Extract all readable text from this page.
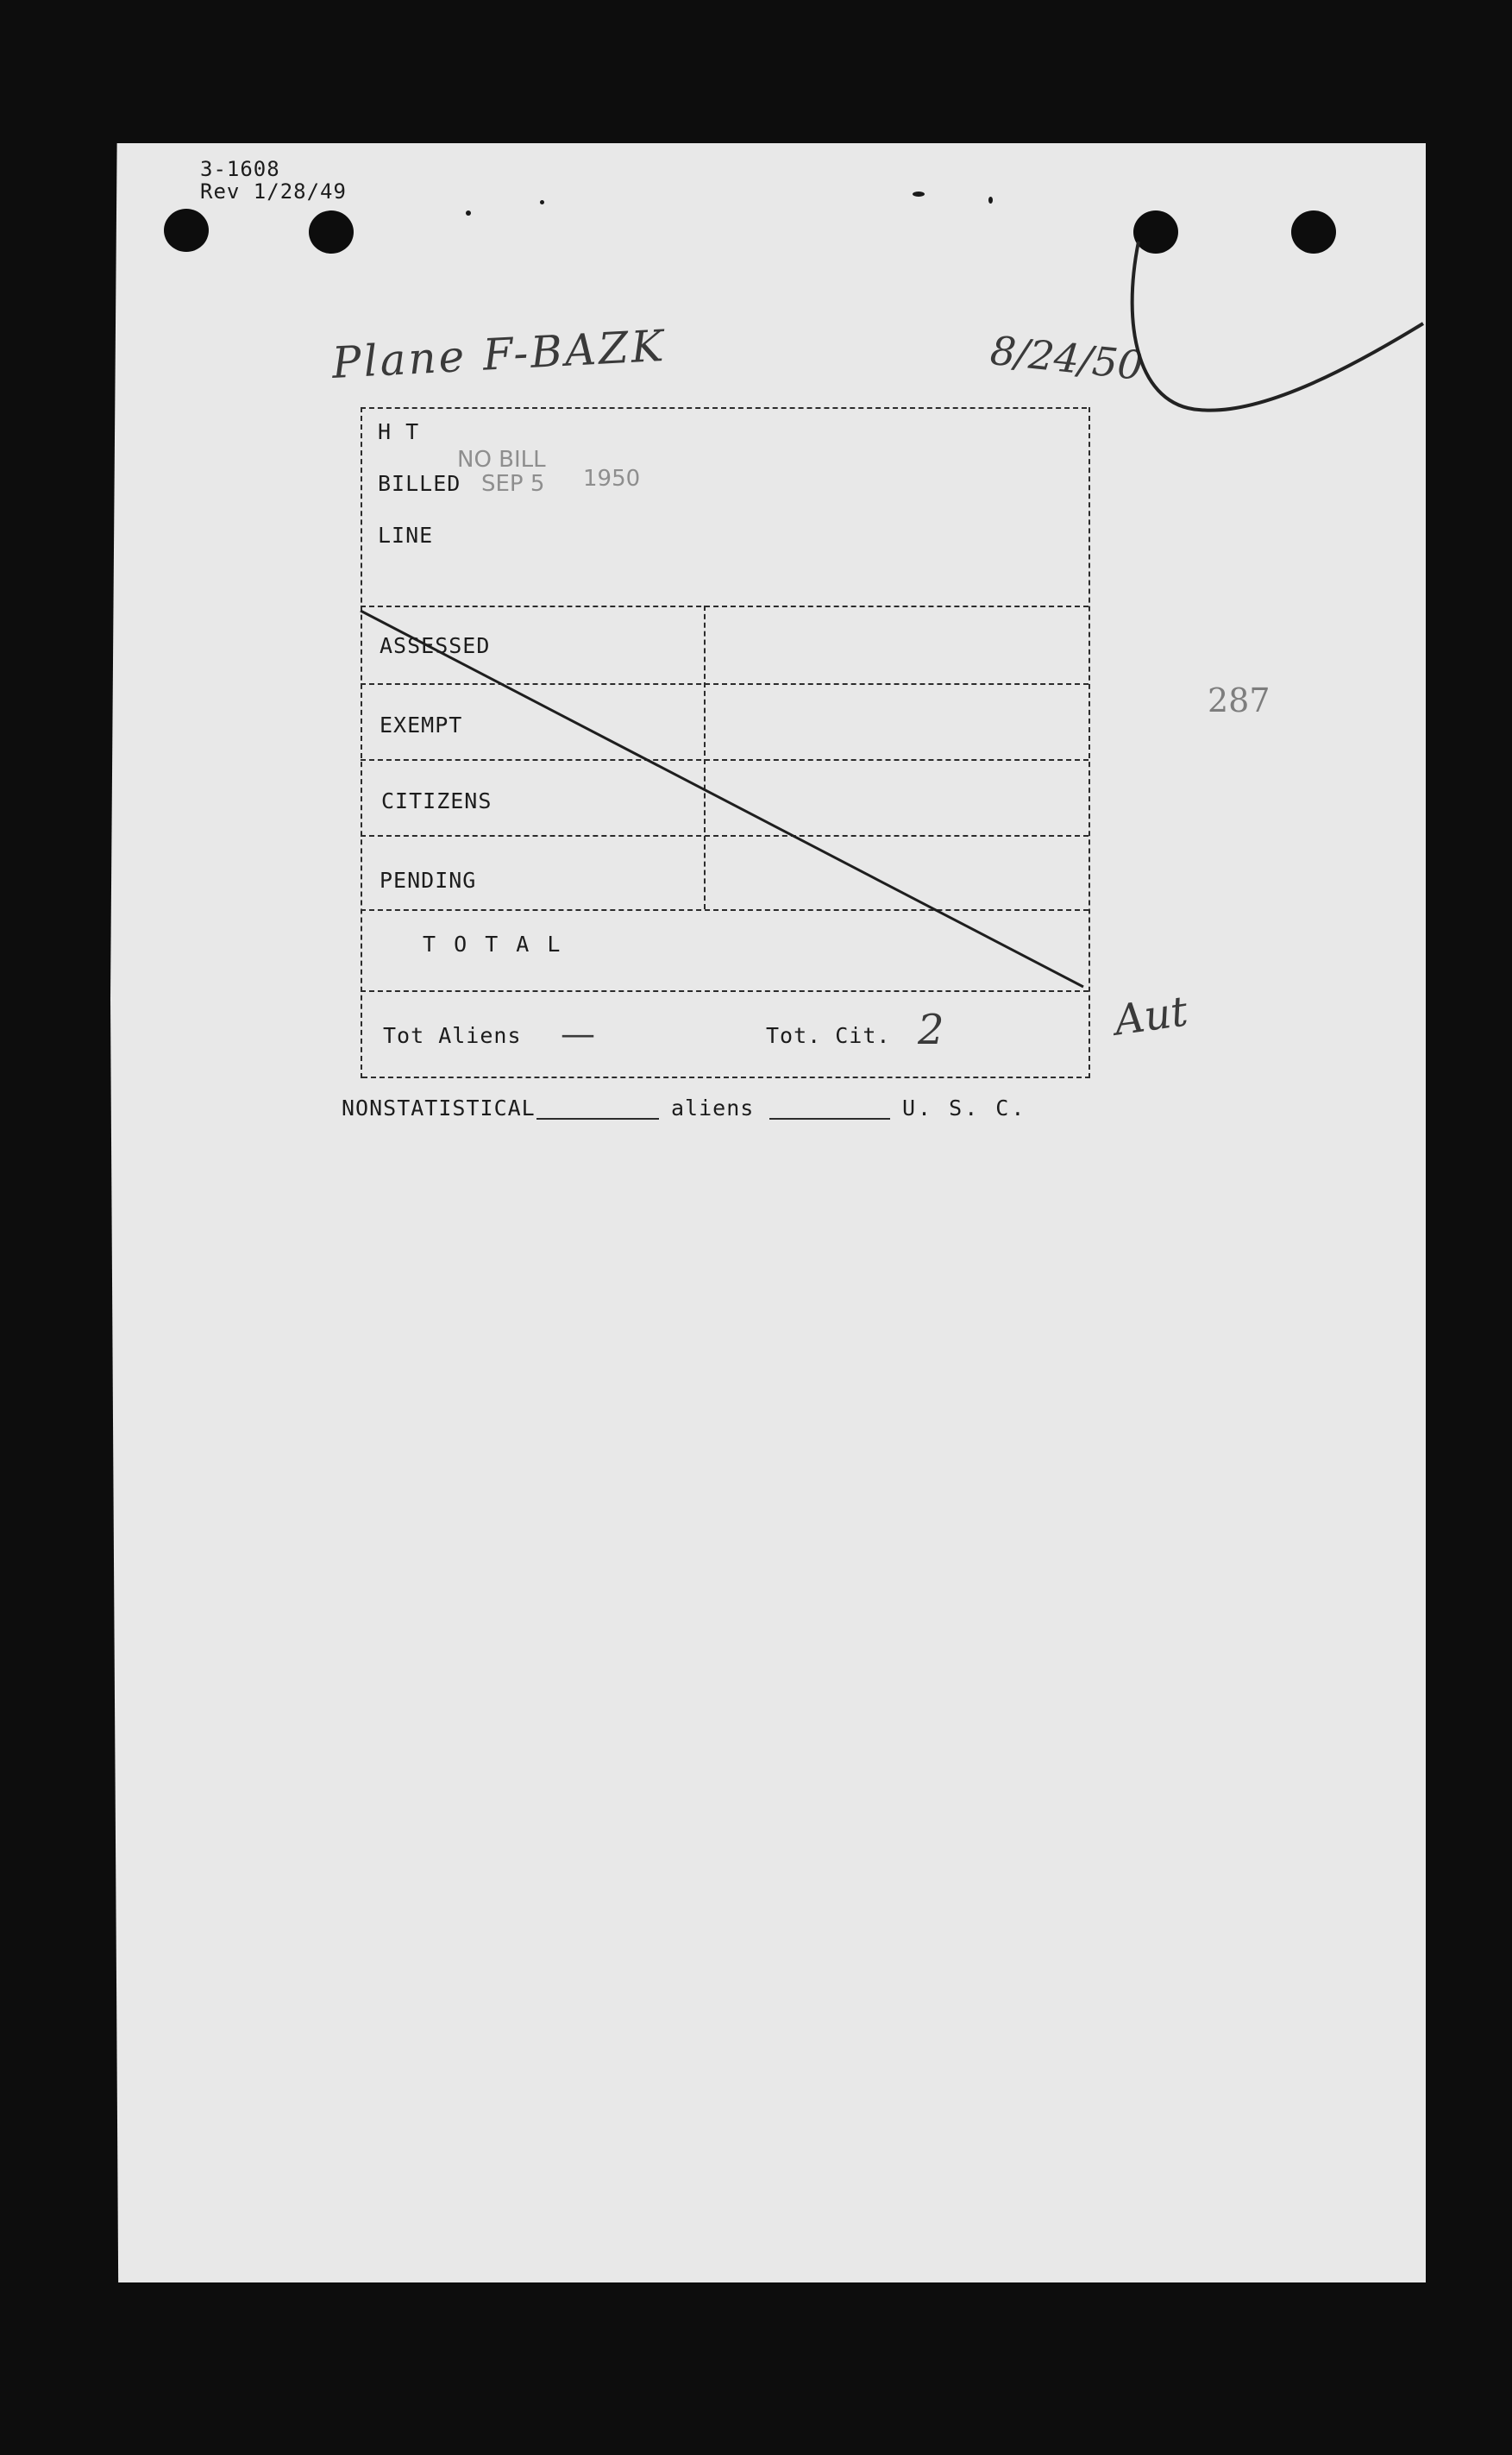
3-1608
Rev 1/28/49
Plane F-BAZK	8/24/50
H T
BILLED
LINE
NO BILL
SEP 5 1950
ASSESSED
EXEMPT
CITIZENS
PENDING
T O T A L
Tot Aliens —	Tot. Cit. 2	Aut
287
NONSTATISTICAL	aliens	U. S. C.
